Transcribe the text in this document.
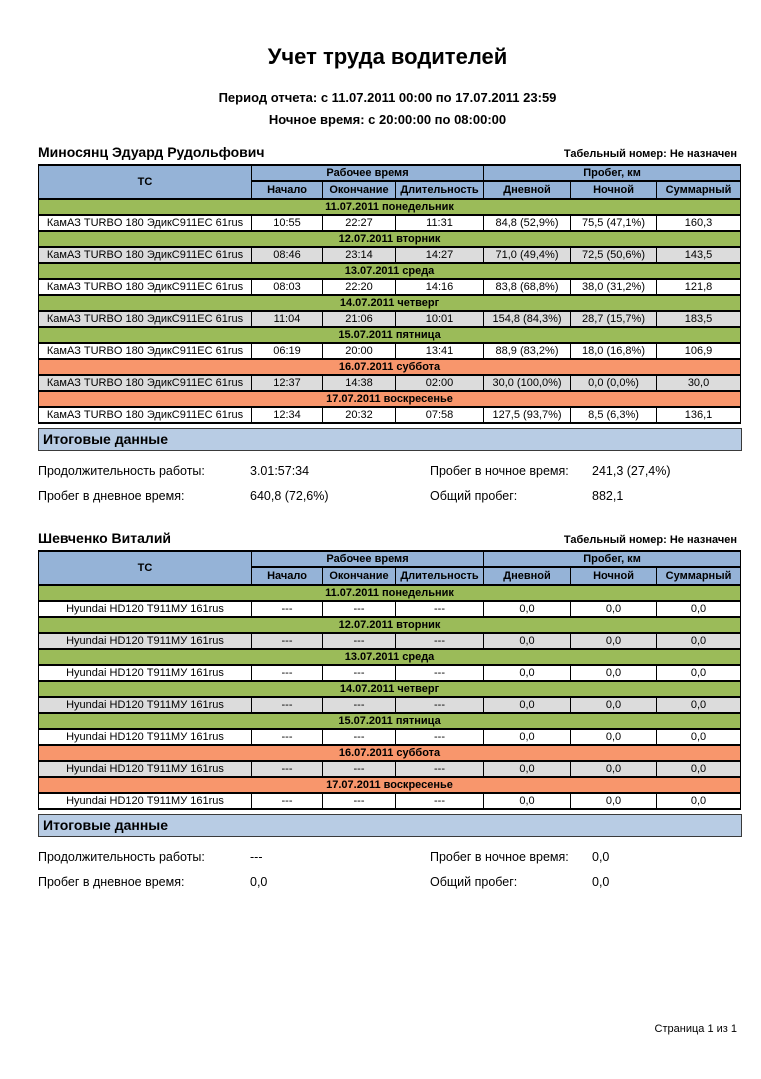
Учет труда водителей
Период отчета: с 11.07.2011 00:00 по 17.07.2011 23:59
Ночное время: с 20:00:00 по 08:00:00
Миносянц Эдуард Рудольфович	Табельный номер: Не назначен
ТС	Рабочее время			Пробег, км		
	Начало	Окончание	Длительность	Дневной	Ночной	Суммарный
11.07.2011 понедельник						
КамАЗ TURBO 180 ЭдикС911ЕС 61rus	10:55	22:27	11:31	84,8 (52,9%)	75,5 (47,1%)	160,3
12.07.2011 вторник						
КамАЗ TURBO 180 ЭдикС911ЕС 61rus	08:46	23:14	14:27	71,0 (49,4%)	72,5 (50,6%)	143,5
13.07.2011 среда						
КамАЗ TURBO 180 ЭдикС911ЕС 61rus	08:03	22:20	14:16	83,8 (68,8%)	38,0 (31,2%)	121,8
14.07.2011 четверг						
КамАЗ TURBO 180 ЭдикС911ЕС 61rus	11:04	21:06	10:01	154,8 (84,3%)	28,7 (15,7%)	183,5
15.07.2011 пятница						
КамАЗ TURBO 180 ЭдикС911ЕС 61rus	06:19	20:00	13:41	88,9 (83,2%)	18,0 (16,8%)	106,9
16.07.2011 суббота						
КамАЗ TURBO 180 ЭдикС911ЕС 61rus	12:37	14:38	02:00	30,0 (100,0%)	0,0 (0,0%)	30,0
17.07.2011 воскресенье						
КамАЗ TURBO 180 ЭдикС911ЕС 61rus	12:34	20:32	07:58	127,5 (93,7%)	8,5 (6,3%)	136,1
Итоговые данные
Продолжительность работы:	3.01:57:34	Пробег в ночное время:	241,3 (27,4%)
Пробег в дневное время:	640,8 (72,6%)	Общий пробег:	882,1
Шевченко Виталий	Табельный номер: Не назначен
ТС	Рабочее время			Пробег, км		
	Начало	Окончание	Длительность	Дневной	Ночной	Суммарный
11.07.2011 понедельник						
Hyundai HD120 Т911МУ 161rus	---	---	---	0,0	0,0	0,0
12.07.2011 вторник						
Hyundai HD120 Т911МУ 161rus	---	---	---	0,0	0,0	0,0
13.07.2011 среда						
Hyundai HD120 Т911МУ 161rus	---	---	---	0,0	0,0	0,0
14.07.2011 четверг						
Hyundai HD120 Т911МУ 161rus	---	---	---	0,0	0,0	0,0
15.07.2011 пятница						
Hyundai HD120 Т911МУ 161rus	---	---	---	0,0	0,0	0,0
16.07.2011 суббота						
Hyundai HD120 Т911МУ 161rus	---	---	---	0,0	0,0	0,0
17.07.2011 воскресенье						
Hyundai HD120 Т911МУ 161rus	---	---	---	0,0	0,0	0,0
Итоговые данные
Продолжительность работы:	---	Пробег в ночное время:	0,0
Пробег в дневное время:	0,0	Общий пробег:	0,0
Страница 1 из 1
